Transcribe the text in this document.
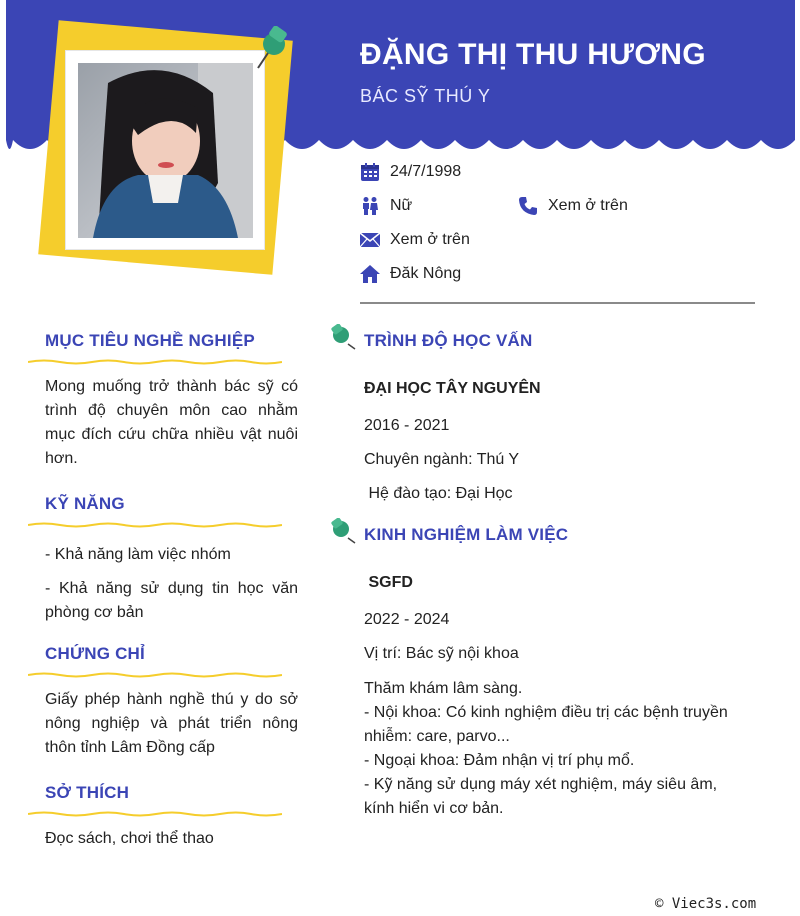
ĐẶNG THỊ THU HƯƠNG
BÁC SỸ THÚ Y
24/7/1998
Nữ	Xem ở trên
Xem ở trên
Đăk Nông
MỤC TIÊU NGHỀ NGHIỆP
Mong muống trở thành bác sỹ có trình độ chuyên môn cao nhằm mục đích cứu chữa nhiều vật nuôi hơn.
KỸ NĂNG
- Khả năng làm việc nhóm
- Khả năng sử dụng tin học văn phòng cơ bản
CHỨNG CHỈ
Giấy phép hành nghề thú y do sở nông nghiệp và phát triển nông thôn tỉnh Lâm Đồng cấp
SỞ THÍCH
Đọc sách, chơi thể thao
TRÌNH ĐỘ HỌC VẤN
ĐẠI HỌC TÂY NGUYÊN
2016 - 2021
Chuyên ngành: Thú Y
Hệ đào tạo: Đại Học
KINH NGHIỆM LÀM VIỆC
SGFD
2022 - 2024
Vị trí: Bác sỹ nội khoa
Thăm khám lâm sàng.
- Nội khoa: Có kinh nghiệm điều trị các bệnh truyền nhiễm: care, parvo...
- Ngoại khoa: Đảm nhận vị trí phụ mổ.
- Kỹ năng sử dụng máy xét nghiệm, máy siêu âm, kính hiển vi cơ bản.
© Viec3s.com
